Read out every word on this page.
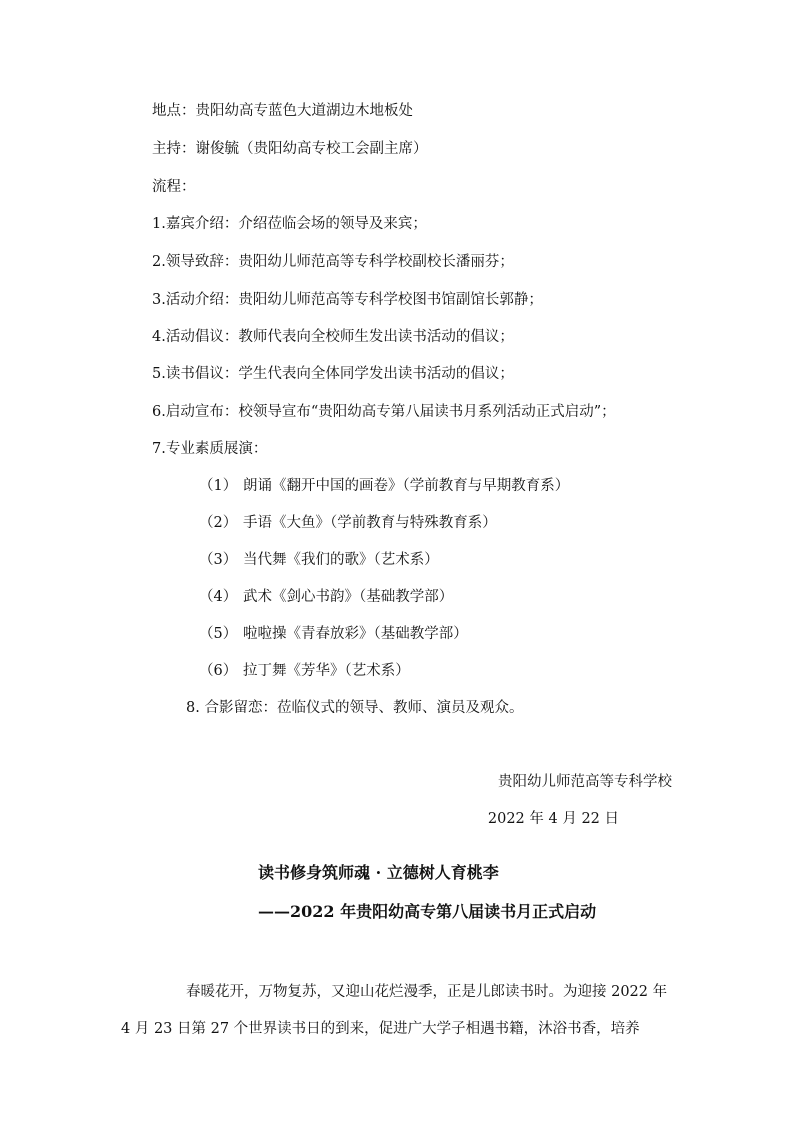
地点：贵阳幼高专蓝色大道湖边木地板处
主持：谢俊毓（贵阳幼高专校工会副主席）
流程：
1.嘉宾介绍：介绍莅临会场的领导及来宾；
2.领导致辞：贵阳幼儿师范高等专科学校副校长潘丽芬；
3.活动介绍：贵阳幼儿师范高等专科学校图书馆副馆长郭静；
4.活动倡议：教师代表向全校师生发出读书活动的倡议；
5.读书倡议：学生代表向全体同学发出读书活动的倡议；
6.启动宣布：校领导宣布“贵阳幼高专第八届读书月系列活动正式启动”；
7.专业素质展演：
（1） 朗诵《翻开中国的画卷》（学前教育与早期教育系）
（2） 手语《大鱼》（学前教育与特殊教育系）
（3） 当代舞《我们的歌》（艺术系）
（4） 武术《剑心书韵》（基础教学部）
（5） 啦啦操《青春放彩》（基础教学部）
（6） 拉丁舞《芳华》（艺术系）
8. 合影留恋：莅临仪式的领导、教师、演员及观众。
贵阳幼儿师范高等专科学校
2022 年 4 月 22 日
读书修身筑师魂 · 立德树人育桃李
——2022 年贵阳幼高专第八届读书月正式启动
春暖花开，万物复苏，又迎山花烂漫季，正是儿郎读书时。为迎接 2022 年
4 月 23 日第 27 个世界读书日的到来，促进广大学子相遇书籍，沐浴书香，培养
